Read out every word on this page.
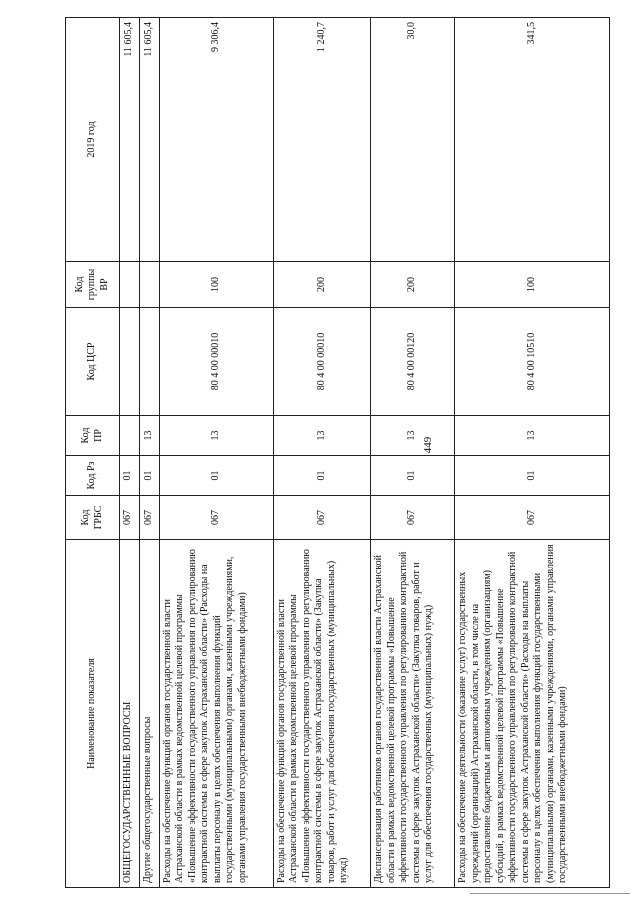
449
Наименование показателя	Код ГРБС	Код Рз	Код ПР	Код ЦСР	Код группы ВР	2019 год
ОБЩЕГОСУДАРСТВЕННЫЕ ВОПРОСЫ	067	01				11 605,4
Другие общегосударственные вопросы	067	01	13			11 605,4
Расходы на обеспечение функций органов государственной власти Астраханской области в рамках ведомственной целевой программы «Повышение эффективности государственного управления по регулированию контрактной системы в сфере закупок Астраханской области» (Расходы на выплаты персоналу в целях обеспечения выполнения функций государственными (муниципальными) органами, казенными учреждениями, органами управления государственными внебюджетными фондами)	067	01	13	80 4 00 00010	100	9 306,4
Расходы на обеспечение функций органов государственной власти Астраханской области в рамках ведомственной целевой программы «Повышение эффективности государственного управления по регулированию контрактной системы в сфере закупок Астраханской области» (Закупка товаров, работ и услуг для обеспечения государственных (муниципальных) нужд)	067	01	13	80 4 00 00010	200	1 240,7
Диспансеризация работников органов государственной власти Астраханской области в рамках ведомственной целевой программы «Повышение эффективности государственного управления по регулированию контрактной системы в сфере закупок Астраханской области» (Закупка товаров, работ и услуг для обеспечения государственных (муниципальных) нужд)	067	01	13	80 4 00 00120	200	30,0
Расходы на обеспечение деятельности (оказание услуг) государственных учреждений (организаций) Астраханской области, в том числе на предоставление бюджетным и автономным учреждениям (организациям) субсидий, в рамках ведомственной целевой программы «Повышение эффективности государственного управления по регулированию контрактной системы в сфере закупок Астраханской области» (Расходы на выплаты персоналу в целях обеспечения выполнения функций государственными (муниципальными) органами, казенными учреждениями, органами управления государственными внебюджетными фондами)	067	01	13	80 4 00 10510	100	341,5
